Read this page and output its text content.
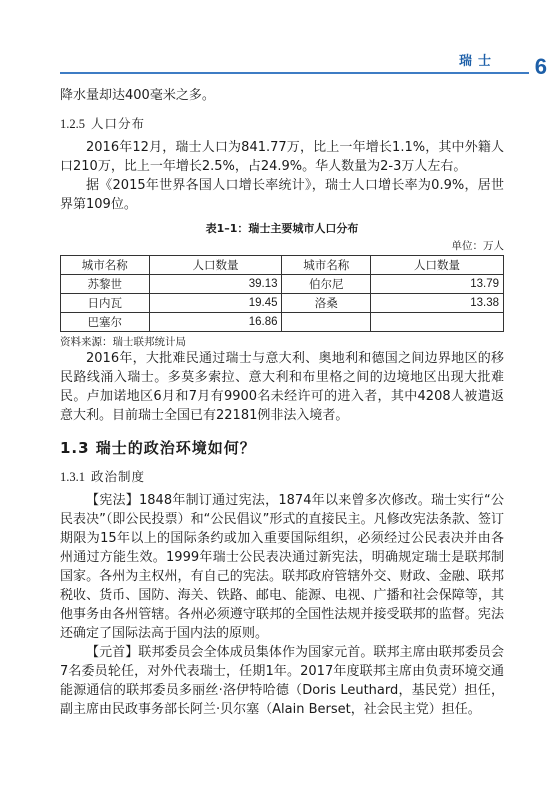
瑞士 6

降水量却达400毫米之多。

1.2.5 人口分布

2016年12月，瑞士人口为841.77万，比上一年增长1.1%，其中外籍人口210万，比上一年增长2.5%，占24.9%。华人数量为2-3万人左右。

据《2015年世界各国人口增长率统计》，瑞士人口增长率为0.9%，居世界第109位。

表1–1：瑞士主要城市人口分布
单位：万人
城市名称	人口数量	城市名称	人口数量
苏黎世	39.13	伯尔尼	13.79
日内瓦	19.45	洛桑	13.38
巴塞尔	16.86		
资料来源：瑞士联邦统计局

2016年，大批难民通过瑞士与意大利、奥地利和德国之间边界地区的移民路线涌入瑞士。多莫多索拉、意大利和布里格之间的边境地区出现大批难民。卢加诺地区6月和7月有9900名未经许可的进入者，其中4208人被遣返意大利。目前瑞士全国已有22181例非法入境者。

1.3 瑞士的政治环境如何？
1.3.1 政治制度

【宪法】1848年制订通过宪法，1874年以来曾多次修改。瑞士实行“公民表决”（即公民投票）和“公民倡议”形式的直接民主。凡修改宪法条款、签订期限为15年以上的国际条约或加入重要国际组织，必须经过公民表决并由各州通过方能生效。1999年瑞士公民表决通过新宪法，明确规定瑞士是联邦制国家。各州为主权州，有自己的宪法。联邦政府管辖外交、财政、金融、联邦税收、货币、国防、海关、铁路、邮电、能源、电视、广播和社会保障等，其他事务由各州管辖。各州必须遵守联邦的全国性法规并接受联邦的监督。宪法还确定了国际法高于国内法的原则。

【元首】联邦委员会全体成员集体作为国家元首。联邦主席由联邦委员会7名委员轮任，对外代表瑞士，任期1年。2017年度联邦主席由负责环境交通能源通信的联邦委员多丽丝·洛伊特哈德（Doris Leuthard，基民党）担任，副主席由民政事务部长阿兰·贝尔塞（Alain Berset，社会民主党）担任。
